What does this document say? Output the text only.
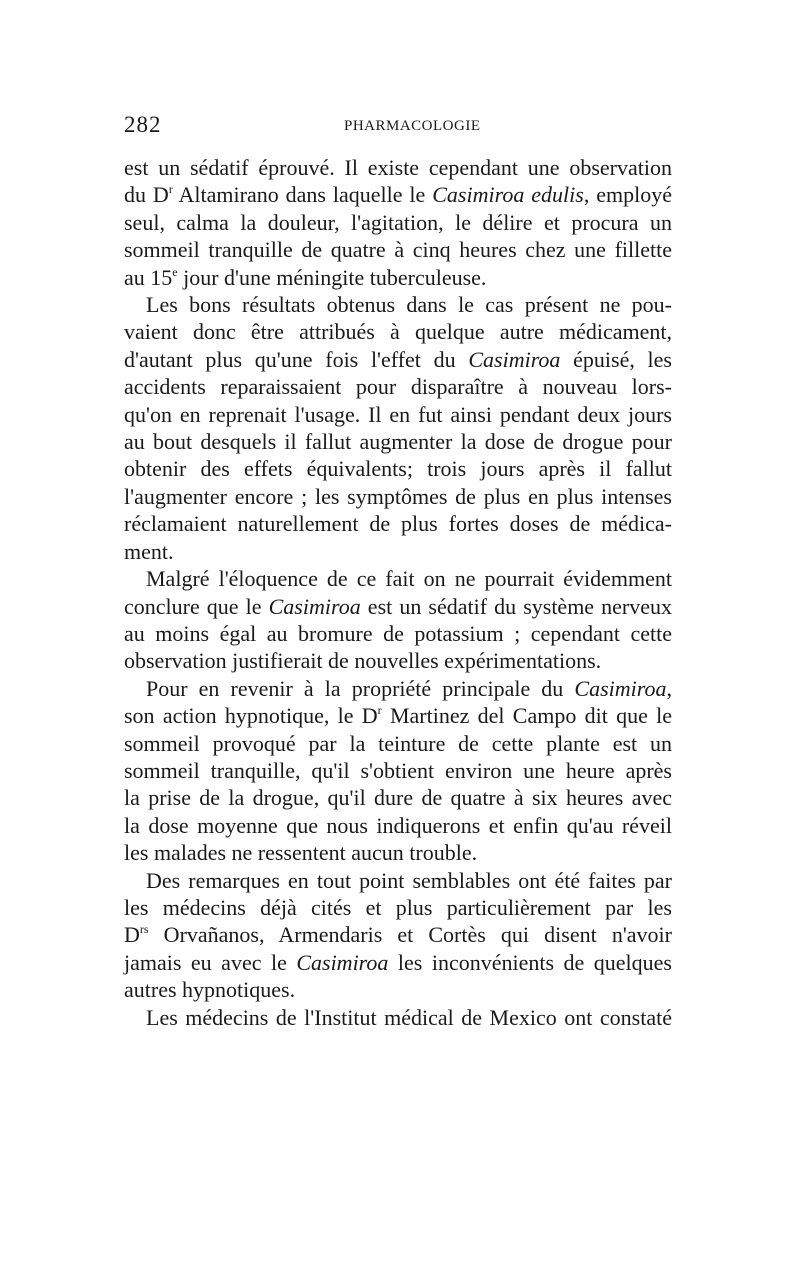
282	PHARMACOLOGIE
est un sédatif éprouvé. Il existe cependant une observation
du $D^r$ Altamirano dans laquelle le Casimiroa edulis, employé
seul, calma la douleur, l'agitation, le délire et procura un
sommeil tranquille de quatre à cinq heures chez une fillette
au 15e jour d'une méningite tuberculeuse.
Les bons résultats obtenus dans le cas présent ne pou-
vaient donc être attribués à quelque autre médicament,
d'autant plus qu'une fois l'effet du Casimiroa épuisé, les
accidents reparaissaient pour disparaître à nouveau lors-
qu'on en reprenait l'usage. Il en fut ainsi pendant deux jours
au bout desquels il fallut augmenter la dose de drogue pour
obtenir des effets équivalents; trois jours après il fallut
l'augmenter encore ; les symptômes de plus en plus intenses
réclamaient naturellement de plus fortes doses de médica-
ment.
Malgré l'éloquence de ce fait on ne pourrait évidemment
conclure que le Casimiroa est un sédatif du système nerveux
au moins égal au bromure de potassium ; cependant cette
observation justifierait de nouvelles expérimentations.
Pour en revenir à la propriété principale du Casimiroa,
son action hypnotique, le $D^r$ Martinez del Campo dit que le
sommeil provoqué par la teinture de cette plante est un
sommeil tranquille, qu'il s'obtient environ une heure après
la prise de la drogue, qu'il dure de quatre à six heures avec
la dose moyenne que nous indiquerons et enfin qu'au réveil
les malades ne ressentent aucun trouble.
Des remarques en tout point semblables ont été faites par
les médecins déjà cités et plus particulièrement par les
$D^{rs}$ Orvañanos, Armendaris et Cortès qui disent n'avoir
jamais eu avec le Casimiroa les inconvénients de quelques
autres hypnotiques.
Les médecins de l'Institut médical de Mexico ont constaté
